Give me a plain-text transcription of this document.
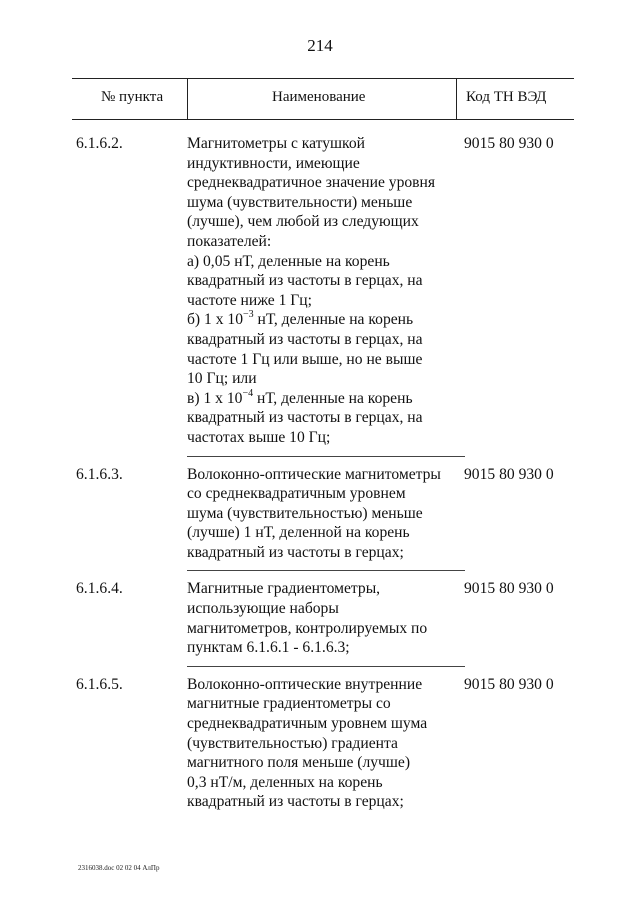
214
№ пункта	Наименование	Код ТН ВЭД
6.1.6.2.	Магнитометры с катушкой
индуктивности, имеющие
среднеквадратичное значение уровня
шума (чувствительности) меньше
(лучше), чем любой из следующих
показателей:
а) 0,05 нТ, деленные на корень
квадратный из частоты в герцах, на
частоте ниже 1 Гц;
б) 1 х $10^{-3}$ нТ, деленные на корень
квадратный из частоты в герцах, на
частоте 1 Гц или выше, но не выше
10 Гц; или
в) 1 х $10^{-4}$ нТ, деленные на корень
квадратный из частоты в герцах, на
частотах выше 10 Гц;
9015 80 930 0
6.1.6.3.	Волоконно-оптические магнитометры
со среднеквадратичным уровнем
шума (чувствительностью) меньше
(лучше) 1 нТ, деленной на корень
квадратный из частоты в герцах;
9015 80 930 0
6.1.6.4.	Магнитные градиентометры,
использующие наборы
магнитометров, контролируемых по
пунктам 6.1.6.1 - 6.1.6.3;
9015 80 930 0
6.1.6.5.	Волоконно-оптические внутренние
магнитные градиентометры со
среднеквадратичным уровнем шума
(чувствительностью) градиента
магнитного поля меньше (лучше)
0,3 нТ/м, деленных на корень
квадратный из частоты в герцах;
9015 80 930 0
2316038.doc 02 02 04 АлПр
